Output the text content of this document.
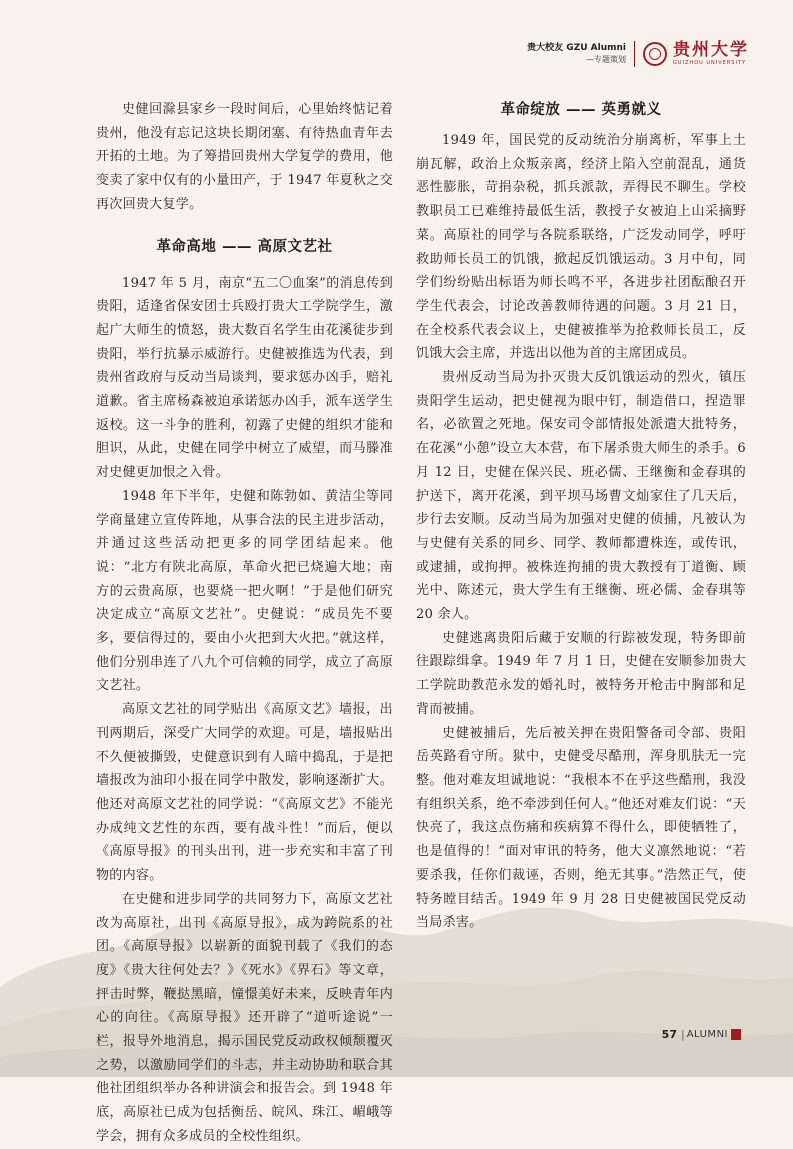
贵大校友 GZU Alumni
—专题策划	贵州大学
GUIZHOU UNIVERSITY

史健回滁县家乡一段时间后，心里始终惦记着贵州，他没有忘记这块长期闭塞、有待热血青年去开拓的土地。为了筹措回贵州大学复学的费用，他变卖了家中仅有的小量田产，于 1947 年夏秋之交再次回贵大复学。

革命高地 —— 高原文艺社

1947 年 5 月，南京“五二〇血案”的消息传到贵阳，适逢省保安团士兵殴打贵大工学院学生，激起广大师生的愤怒，贵大数百名学生由花溪徒步到贵阳，举行抗暴示威游行。史健被推选为代表，到贵州省政府与反动当局谈判，要求惩办凶手，赔礼道歉。省主席杨森被迫承诺惩办凶手，派车送学生返校。这一斗争的胜利，初露了史健的组织才能和胆识，从此，史健在同学中树立了威望，而马滕准对史健更加恨之入骨。

1948 年下半年，史健和陈勃如、黄洁尘等同学商量建立宣传阵地，从事合法的民主进步活动，并通过这些活动把更多的同学团结起来。他说：“北方有陕北高原，革命火把已烧遍大地；南方的云贵高原，也要烧一把火啊！”于是他们研究决定成立“高原文艺社”。史健说：“成员先不要多，要信得过的，要由小火把到大火把。”就这样，他们分别串连了八九个可信赖的同学，成立了高原文艺社。

高原文艺社的同学贴出《高原文艺》墙报，出刊两期后，深受广大同学的欢迎。可是，墙报贴出不久便被撕毁，史健意识到有人暗中捣乱，于是把墙报改为油印小报在同学中散发，影响逐渐扩大。他还对高原文艺社的同学说：“《高原文艺》不能光办成纯文艺性的东西，要有战斗性！”而后，便以《高原导报》的刊头出刊，进一步充实和丰富了刊物的内容。

在史健和进步同学的共同努力下，高原文艺社改为高原社，出刊《高原导报》，成为跨院系的社团。《高原导报》以崭新的面貌刊载了《我们的态度》《贵大往何处去？》《死水》《界石》等文章，抨击时弊，鞭挞黑暗，憧憬美好未来，反映青年内心的向往。《高原导报》还开辟了“道听途说”一栏，报导外地消息，揭示国民党反动政权倾颓覆灭之势，以激励同学们的斗志，并主动协助和联合其他社团组织举办各种讲演会和报告会。到 1948 年底，高原社已成为包括衡岳、皖风、珠江、嵋峨等学会，拥有众多成员的全校性组织。

革命绽放 —— 英勇就义

1949 年，国民党的反动统治分崩离析，军事上土崩瓦解，政治上众叛亲离，经济上陷入空前混乱，通货恶性膨胀，苛捐杂税，抓兵派款，弄得民不聊生。学校教职员工已难维持最低生活，教授子女被迫上山采摘野菜。高原社的同学与各院系联络，广泛发动同学，呼吁救助师长员工的饥饿，掀起反饥饿运动。3 月中旬，同学们纷纷贴出标语为师长鸣不平，各进步社团酝酿召开学生代表会，讨论改善教师待遇的问题。3 月 21 日，在全校系代表会议上，史健被推举为抢救师长员工，反饥饿大会主席，并选出以他为首的主席团成员。

贵州反动当局为扑灭贵大反饥饿运动的烈火，镇压贵阳学生运动，把史健视为眼中钉，制造借口，捏造罪名，必欲置之死地。保安司令部情报处派遣大批特务，在花溪“小憩”设立大本营，布下屠杀贵大师生的杀手。6 月 12 日，史健在保兴民、班必儒、王继衡和金春琪的护送下，离开花溪，到平坝马场曹文灿家住了几天后，步行去安顺。反动当局为加强对史健的侦捕，凡被认为与史健有关系的同乡、同学、教师都遭株连，或传讯，或逮捕，或拘押。被株连拘捕的贵大教授有丁道衡、顾光中、陈述元，贵大学生有王继衡、班必儒、金春琪等 20 余人。

史健逃离贵阳后藏于安顺的行踪被发现，特务即前往跟踪缉拿。1949 年 7 月 1 日，史健在安顺参加贵大工学院助教范永发的婚礼时，被特务开枪击中胸部和足背而被捕。

史健被捕后，先后被关押在贵阳警备司令部、贵阳岳英路看守所。狱中，史健受尽酷刑，浑身肌肤无一完整。他对难友坦诚地说：“我根本不在乎这些酷刑，我没有组织关系，绝不牵涉到任何人。”他还对难友们说：“天快亮了，我这点伤痛和疾病算不得什么，即使牺牲了，也是值得的！”面对审讯的特务，他大义凛然地说：“若要杀我，任你们裁诬，否则，绝无其事。”浩然正气，使特务瞠目结舌。1949 年 9 月 28 日史健被国民党反动当局杀害。

57 | ALUMNI
